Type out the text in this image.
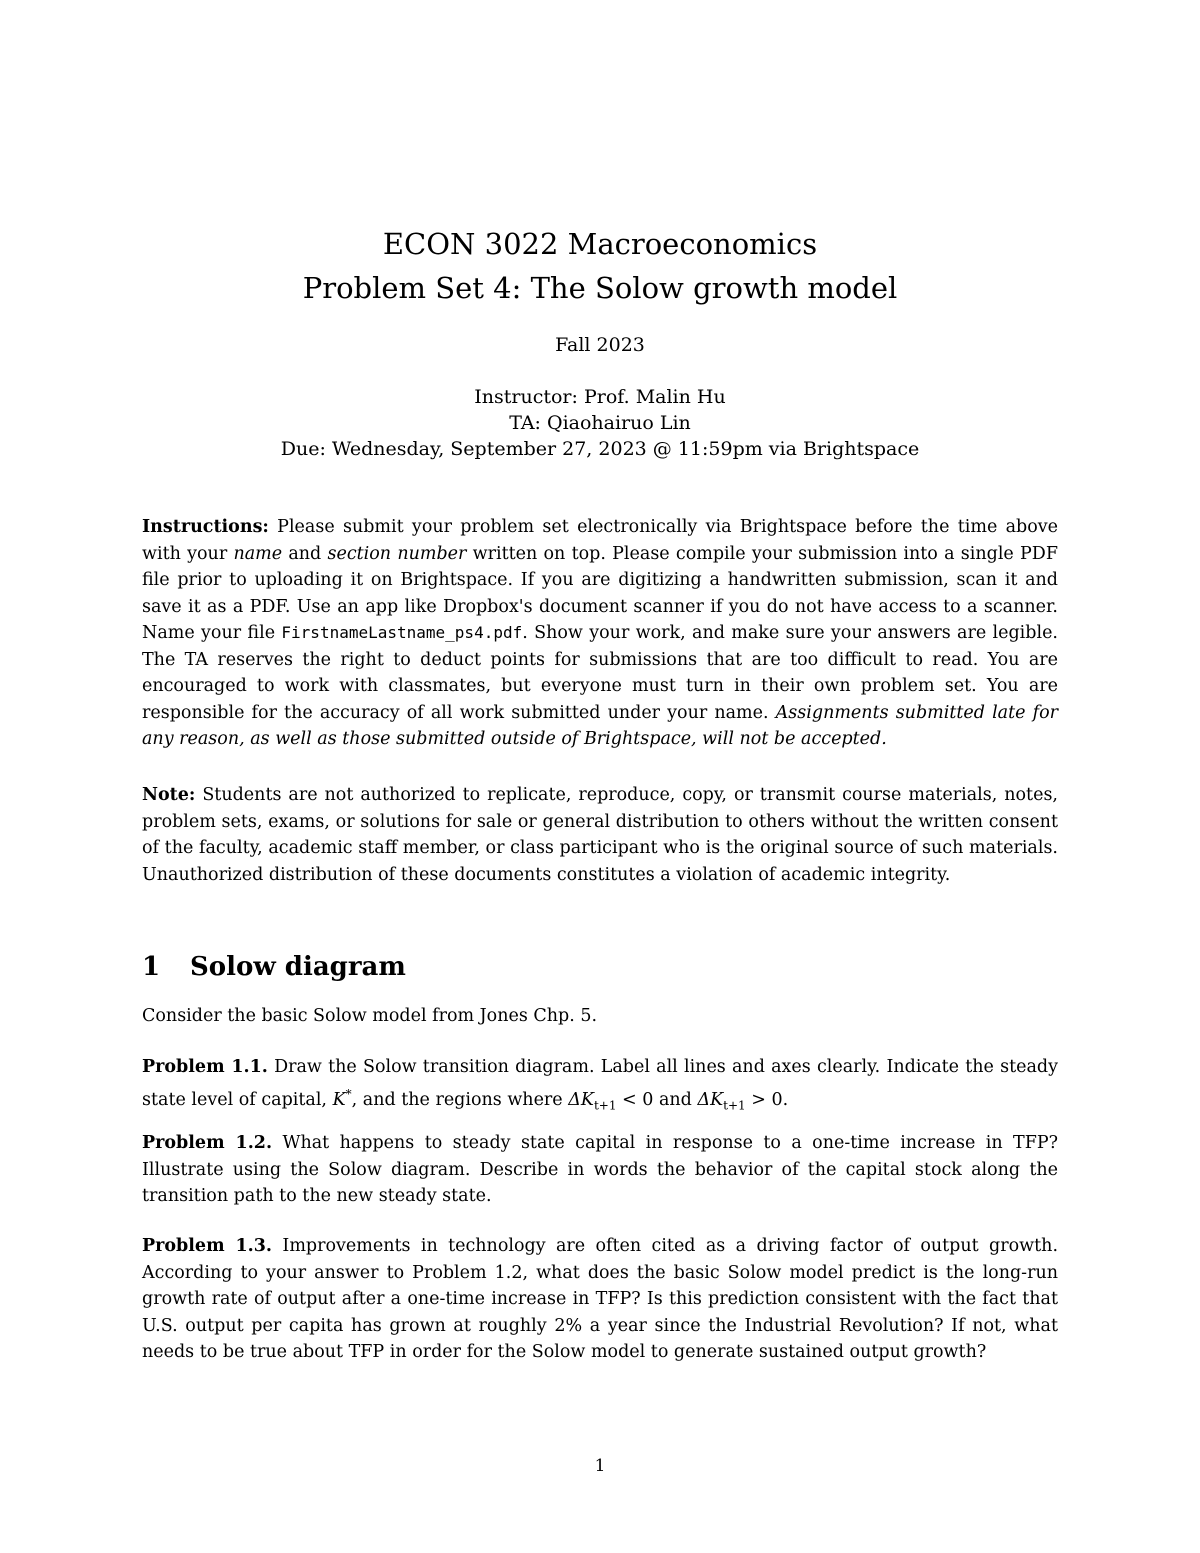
ECON 3022 Macroeconomics
Problem Set 4: The Solow growth model
Fall 2023
Instructor: Prof. Malin Hu
TA: Qiaohairuo Lin
Due: Wednesday, September 27, 2023 @ 11:59pm via Brightspace
Instructions: Please submit your problem set electronically via Brightspace before the time above with your name and section number written on top. Please compile your submission into a single PDF file prior to uploading it on Brightspace. If you are digitizing a handwritten submission, scan it and save it as a PDF. Use an app like Dropbox's document scanner if you do not have access to a scanner. Name your file FirstnameLastname_ps4.pdf. Show your work, and make sure your answers are legible. The TA reserves the right to deduct points for submissions that are too difficult to read. You are encouraged to work with classmates, but everyone must turn in their own problem set. You are responsible for the accuracy of all work submitted under your name. Assignments submitted late for any reason, as well as those submitted outside of Brightspace, will not be accepted.
Note: Students are not authorized to replicate, reproduce, copy, or transmit course materials, notes, problem sets, exams, or solutions for sale or general distribution to others without the written consent of the faculty, academic staff member, or class participant who is the original source of such materials. Unauthorized distribution of these documents constitutes a violation of academic integrity.
1 Solow diagram
Consider the basic Solow model from Jones Chp. 5.
Problem 1.1. Draw the Solow transition diagram. Label all lines and axes clearly. Indicate the steady state level of capital, K*, and the regions where $\Delta K_{t+1} < 0$ and $\Delta K_{t+1} > 0$.
Problem 1.2. What happens to steady state capital in response to a one-time increase in TFP? Illustrate using the Solow diagram. Describe in words the behavior of the capital stock along the transition path to the new steady state.
Problem 1.3. Improvements in technology are often cited as a driving factor of output growth. According to your answer to Problem 1.2, what does the basic Solow model predict is the long-run growth rate of output after a one-time increase in TFP? Is this prediction consistent with the fact that U.S. output per capita has grown at roughly 2% a year since the Industrial Revolution? If not, what needs to be true about TFP in order for the Solow model to generate sustained output growth?
1
